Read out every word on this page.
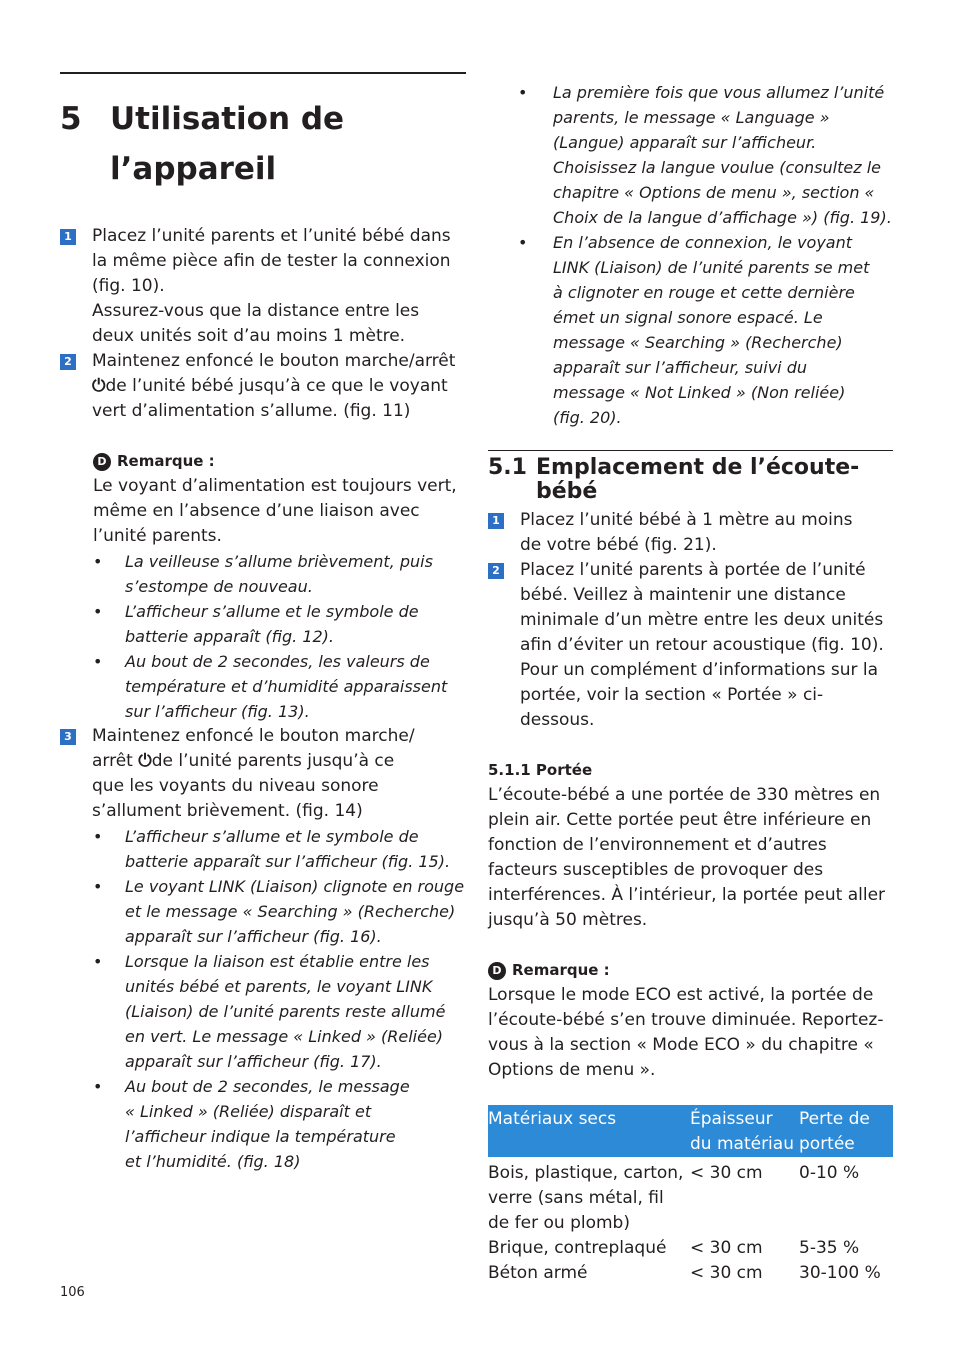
5 Utilisation de l’appareil
1 Placez l’unité parents et l’unité bébé dans la même pièce afin de tester la connexion (fig. 10).
Assurez-vous que la distance entre les deux unités soit d’au moins 1 mètre.
2 Maintenez enfoncé le bouton marche/arrêt ⏻de l’unité bébé jusqu’à ce que le voyant vert d’alimentation s’allume. (fig. 11)
D Remarque :
Le voyant d’alimentation est toujours vert, même en l’absence d’une liaison avec l’unité parents.
•	La veilleuse s’allume brièvement, puis s’estompe de nouveau.
•	L’afficheur s’allume et le symbole de batterie apparaît (fig. 12).
•	Au bout de 2 secondes, les valeurs de température et d’humidité apparaissent sur l’afficheur (fig. 13).
3 Maintenez enfoncé le bouton marche/ arrêt ⏻de l’unité parents jusqu’à ce que les voyants du niveau sonore s’allument brièvement. (fig. 14)
•	L’afficheur s’allume et le symbole de batterie apparaît sur l’afficheur (fig. 15).
•	Le voyant LINK (Liaison) clignote en rouge et le message « Searching » (Recherche) apparaît sur l’afficheur (fig. 16).
•	Lorsque la liaison est établie entre les unités bébé et parents, le voyant LINK (Liaison) de l’unité parents reste allumé en vert. Le message « Linked » (Reliée) apparaît sur l’afficheur (fig. 17).
•	Au bout de 2 secondes, le message « Linked » (Reliée) disparaît et l’afficheur indique la température et l’humidité. (fig. 18)
•	La première fois que vous allumez l’unité parents, le message « Language » (Langue) apparaît sur l’afficheur. Choisissez la langue voulue (consultez le chapitre « Options de menu », section « Choix de la langue d’affichage ») (fig. 19).
•	En l’absence de connexion, le voyant LINK (Liaison) de l’unité parents se met à clignoter en rouge et cette dernière émet un signal sonore espacé. Le message « Searching » (Recherche) apparaît sur l’afficheur, suivi du message « Not Linked » (Non reliée) (fig. 20).
5.1 Emplacement de l’écoute-bébé
1 Placez l’unité bébé à 1 mètre au moins de votre bébé (fig. 21).
2 Placez l’unité parents à portée de l’unité bébé. Veillez à maintenir une distance minimale d’un mètre entre les deux unités afin d’éviter un retour acoustique (fig. 10).
Pour un complément d’informations sur la portée, voir la section « Portée » ci-dessous.
5.1.1 Portée
L’écoute-bébé a une portée de 330 mètres en plein air. Cette portée peut être inférieure en fonction de l’environnement et d’autres facteurs susceptibles de provoquer des interférences. À l’intérieur, la portée peut aller jusqu’à 50 mètres.
D Remarque :
Lorsque le mode ECO est activé, la portée de l’écoute-bébé s’en trouve diminuée. Reportez-vous à la section « Mode ECO » du chapitre « Options de menu ».
Matériaux secs	Épaisseur du matériau	Perte de portée
Bois, plastique, carton, verre (sans métal, fil de fer ou plomb)	< 30 cm	0-10 %
Brique, contreplaqué	< 30 cm	5-35 %
Béton armé	< 30 cm	30-100 %
106
